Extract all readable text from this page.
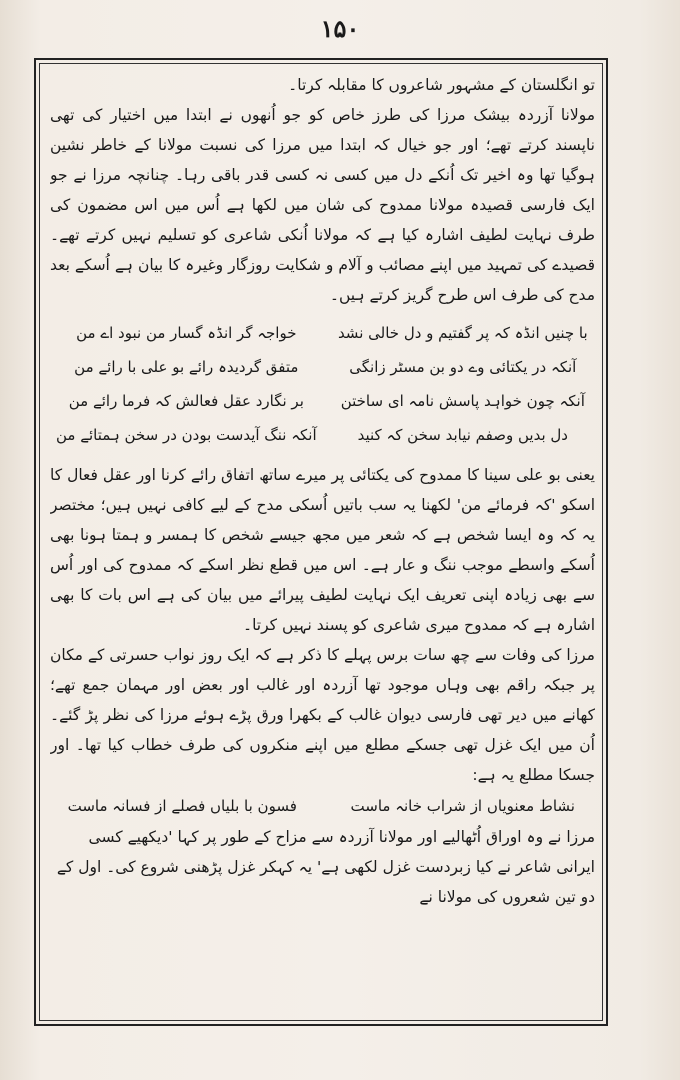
۱۵۰

تو انگلستان کے مشہور شاعروں کا مقابلہ کرتا۔

مولانا آزردہ بیشک مرزا کی طرز خاص کو جو اُنھوں نے ابتدا میں اختیار کی تھی ناپسند کرتے تھے؛ اور جو خیال کہ ابتدا میں مرزا کی نسبت مولانا کے خاطر نشین ہوگیا تھا وہ اخیر تک اُنکے دل میں کسی نہ کسی قدر باقی رہا۔ چنانچہ مرزا نے جو ایک فارسی قصیدہ مولانا ممدوح کی شان میں لکھا ہے اُس میں اس مضمون کی طرف نہایت لطیف اشارہ کیا ہے کہ مولانا اُنکی شاعری کو تسلیم نہیں کرتے تھے۔ قصیدے کی تمہید میں اپنے مصائب و آلام و شکایت روزگار وغیرہ کا بیان ہے اُسکے بعد مدح کی طرف اس طرح گریز کرتے ہیں۔

با چنیں انڈہ کہ پر گفتیم و دل خالی نشد
خواجہ گر انڈہ گسار من نبود اے من
آنکہ در یکتائی وے دو بن مسٹر زانگی
متفق گردیدہ رائے بو علی با رائے من
آنکہ چون خواہد پاسش نامہ ای ساختن
بر نگارد عقل فعالش کہ فرما رائے من
دل بدیں وصفم نیابد سخن کہ کنید
آنکہ ننگ آیدست بودن در سخن ہمتائے من

یعنی بو علی سینا کا ممدوح کی یکتائی پر میرے ساتھ اتفاق رائے کرنا اور عقل فعال کا اسکو 'کہ فرمائے من' لکھنا یہ سب باتیں اُسکی مدح کے لیے کافی نہیں ہیں؛ مختصر یہ کہ وہ ایسا شخص ہے کہ شعر میں مجھ جیسے شخص کا ہمسر و ہمتا ہونا بھی اُسکے واسطے موجب ننگ و عار ہے۔ اس میں قطع نظر اسکے کہ ممدوح کی اور اُس سے بھی زیادہ اپنی تعریف ایک نہایت لطیف پیرائے میں بیان کی ہے اس بات کا بھی اشارہ ہے کہ ممدوح میری شاعری کو پسند نہیں کرتا۔

مرزا کی وفات سے چھ سات برس پہلے کا ذکر ہے کہ ایک روز نواب حسرتی کے مکان پر جبکہ راقم بھی وہاں موجود تھا آزردہ اور غالب اور بعض اور مہمان جمع تھے؛ کھانے میں دیر تھی فارسی دیوان غالب کے بکھرا ورق پڑے ہوئے مرزا کی نظر پڑ گئے۔ اُن میں ایک غزل تھی جسکے مطلع میں اپنے منکروں کی طرف خطاب کیا تھا۔ اور جسکا مطلع یہ ہے:

نشاط معنویاں از شراب خانہ ماست
فسون با بلیاں فصلے از فسانہ ماست

مرزا نے وہ اوراق اُٹھالیے اور مولانا آزردہ سے مزاح کے طور پر کہا 'دیکھیے کسی ایرانی شاعر نے کیا زبردست غزل لکھی ہے' یہ کہکر غزل پڑھنی شروع کی۔ اول کے دو تین شعروں کی مولانا نے
